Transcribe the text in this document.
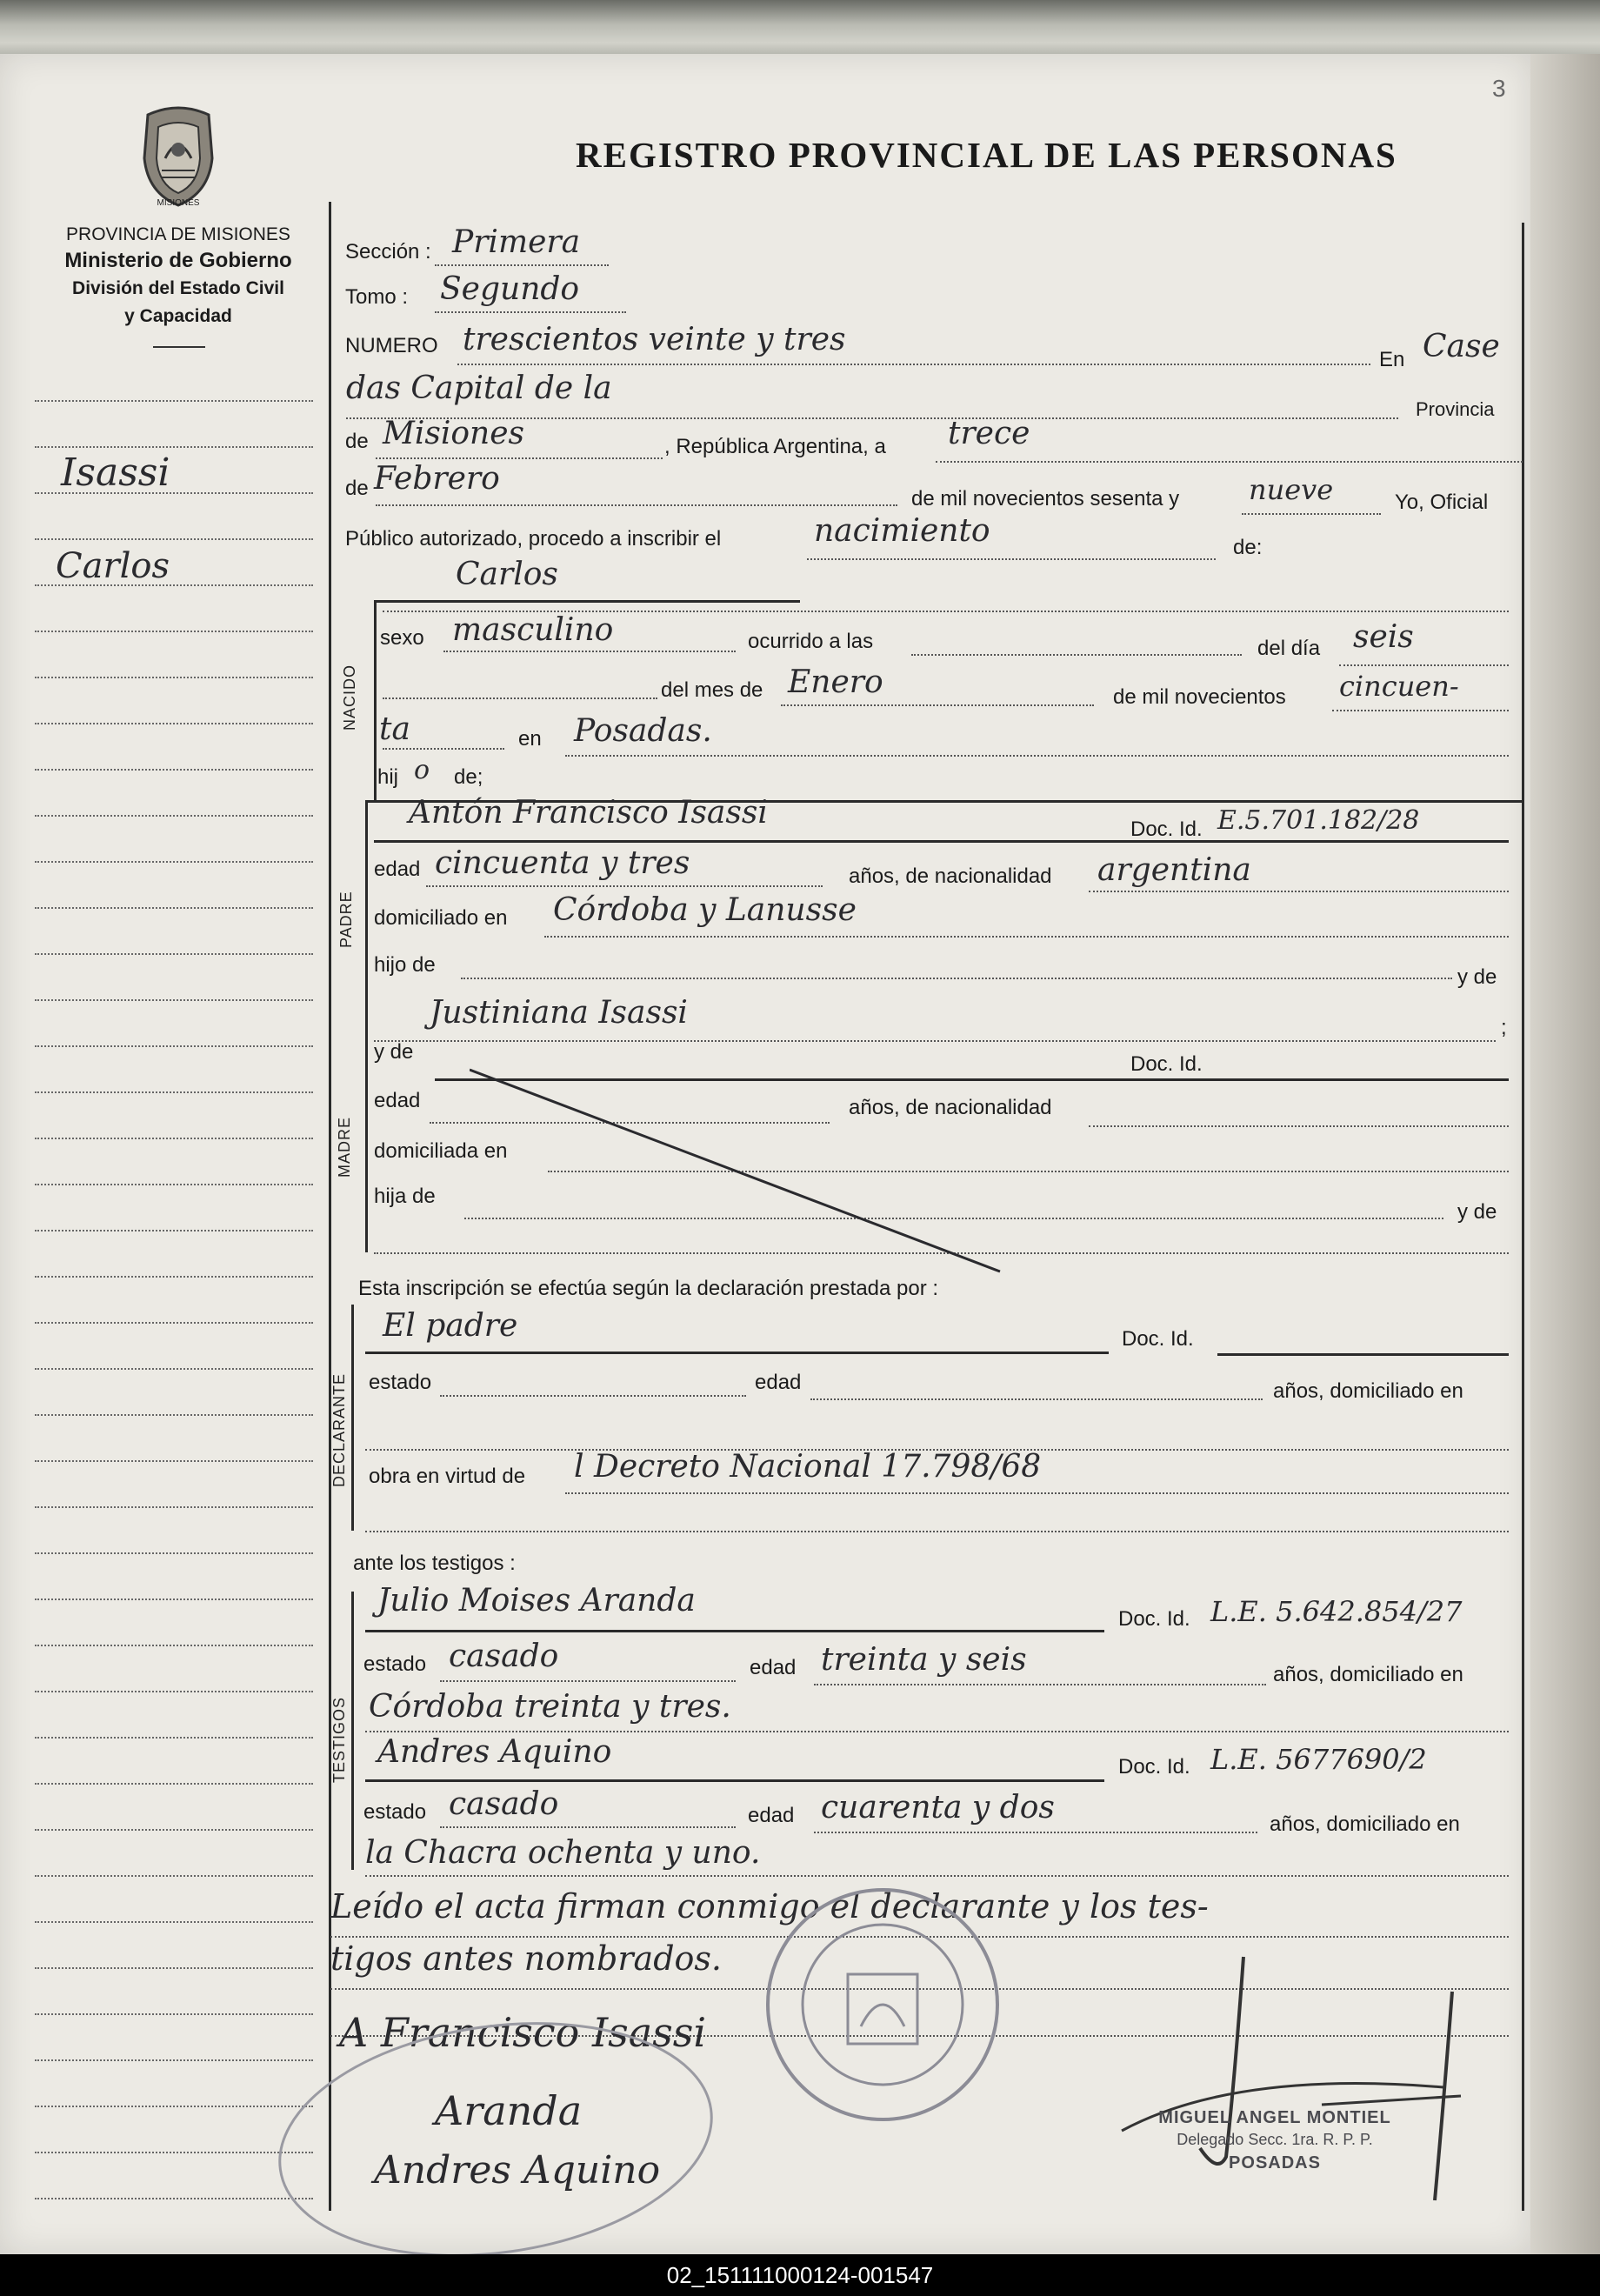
3
MISIONES
PROVINCIA DE MISIONES
Ministerio de Gobierno
División del Estado Civil
y Capacidad
REGISTRO PROVINCIAL DE LAS PERSONAS
Isassi
Carlos
Sección : Primera
Tomo : Segundo
NUMERO trescientos veinte y tres
En Case
das Capital de la
Provincia
de Misiones	, República Argentina, a trece
de Febrero
de mil novecientos sesenta y nueve	Yo, Oficial
Público autorizado, procedo a inscribir el	nacimiento	de:
NACIDO
Carlos
sexo masculino	ocurrido a las	del día seis
del mes de Enero	de mil novecientos cincuen-
ta	en Posadas.
hij o de;
PADRE
Antón Francisco Isassi	Doc. Id. E.5.701.182/28
edad cincuenta y tres	años, de nacionalidad argentina
domiciliado en Córdoba y Lanusse
hijo de
y de
Justiniana Isassi	;
MADRE
y de
Doc. Id.
edad	años, de nacionalidad
domiciliada en
hija de
y de
Esta inscripción se efectúa según la declaración prestada por :
DECLARANTE
El padre	Doc. Id.
estado	edad	años, domiciliado en
obra en virtud de l Decreto Nacional 17.798/68
ante los testigos :
TESTIGOS
Julio Moises Aranda
Doc. Id. L.E. 5.642.854/27
estado casado	edad treinta y seis	años, domiciliado en
Córdoba treinta y tres.
Andres Aquino	Doc. Id. L.E. 5677690/2
estado casado	edad cuarenta y dos	años, domiciliado en
la Chacra ochenta y uno.
Leído el acta firman conmigo el declarante y los tes-
tigos antes nombrados.
A Francisco Isassi
Aranda
Andres Aquino
MIGUEL ANGEL MONTIEL
Delegado Secc. 1ra. R. P. P.
POSADAS
02_151111000124-001547
